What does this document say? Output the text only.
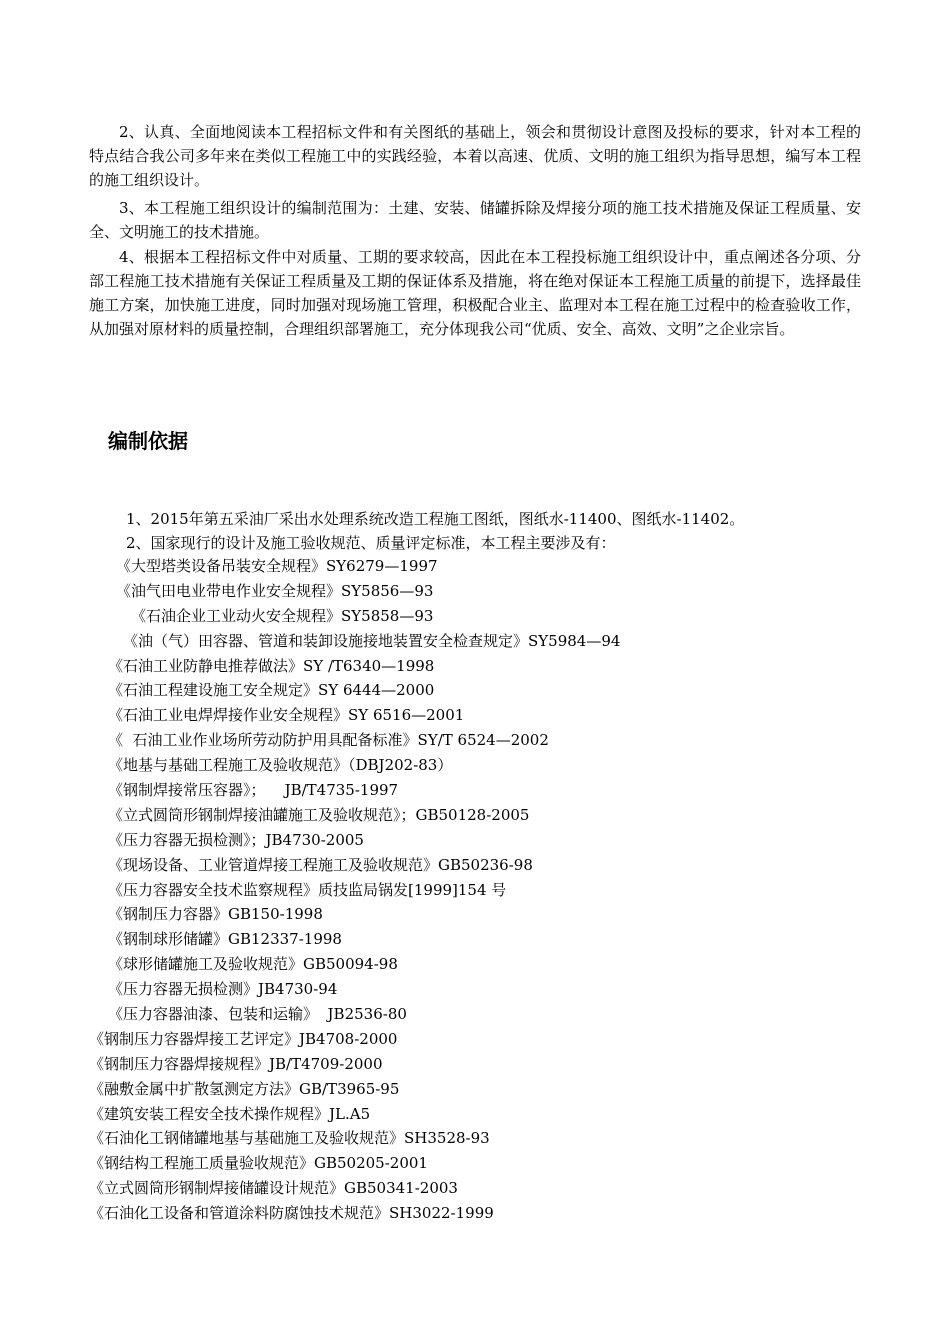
2、认真、全面地阅读本工程招标文件和有关图纸的基础上，领会和贯彻设计意图及投标的要求，针对本工程的特点结合我公司多年来在类似工程施工中的实践经验，本着以高速、优质、文明的施工组织为指导思想，编写本工程的施工组织设计。

3、本工程施工组织设计的编制范围为：土建、安装、储罐拆除及焊接分项的施工技术措施及保证工程质量、安全、文明施工的技术措施。

4、根据本工程招标文件中对质量、工期的要求较高，因此在本工程投标施工组织设计中，重点阐述各分项、分部工程施工技术措施有关保证工程质量及工期的保证体系及措施，将在绝对保证本工程施工质量的前提下，选择最佳施工方案，加快施工进度，同时加强对现场施工管理，积极配合业主、监理对本工程在施工过程中的检查验收工作，从加强对原材料的质量控制，合理组织部署施工，充分体现我公司“优质、安全、高效、文明”之企业宗旨。

编制依据

1、2015年第五采油厂采出水处理系统改造工程施工图纸，图纸水-11400、图纸水-11402。

2、国家现行的设计及施工验收规范、质量评定标准，本工程主要涉及有：

《大型塔类设备吊装安全规程》SY6279—1997
《油气田电业带电作业安全规程》SY5856—93
《石油企业工业动火安全规程》SY5858—93
《油（气）田容器、管道和装卸设施接地装置安全检查规定》SY5984—94
《石油工业防静电推荐做法》SY /T6340—1998
《石油工程建设施工安全规定》SY 6444—2000
《石油工业电焊焊接作业安全规程》SY 6516—2001
《  石油工业作业场所劳动防护用具配备标准》SY/T 6524—2002
《地基与基础工程施工及验收规范》（DBJ202-83）
《钢制焊接常压容器》；    JB/T4735-1997
《立式圆筒形钢制焊接油罐施工及验收规范》；GB50128-2005
《压力容器无损检测》；JB4730-2005
《现场设备、工业管道焊接工程施工及验收规范》GB50236-98
《压力容器安全技术监察规程》质技监局锅发[1999]154 号
《钢制压力容器》GB150-1998
《钢制球形储罐》GB12337-1998
《球形储罐施工及验收规范》GB50094-98
《压力容器无损检测》JB4730-94
《压力容器油漆、包装和运输》  JB2536-80
《钢制压力容器焊接工艺评定》JB4708-2000
《钢制压力容器焊接规程》JB/T4709-2000
《融敷金属中扩散氢测定方法》GB/T3965-95
《建筑安装工程安全技术操作规程》JL.A5
《石油化工钢储罐地基与基础施工及验收规范》SH3528-93
《钢结构工程施工质量验收规范》GB50205-2001
《立式圆筒形钢制焊接储罐设计规范》GB50341-2003
《石油化工设备和管道涂料防腐蚀技术规范》SH3022-1999
